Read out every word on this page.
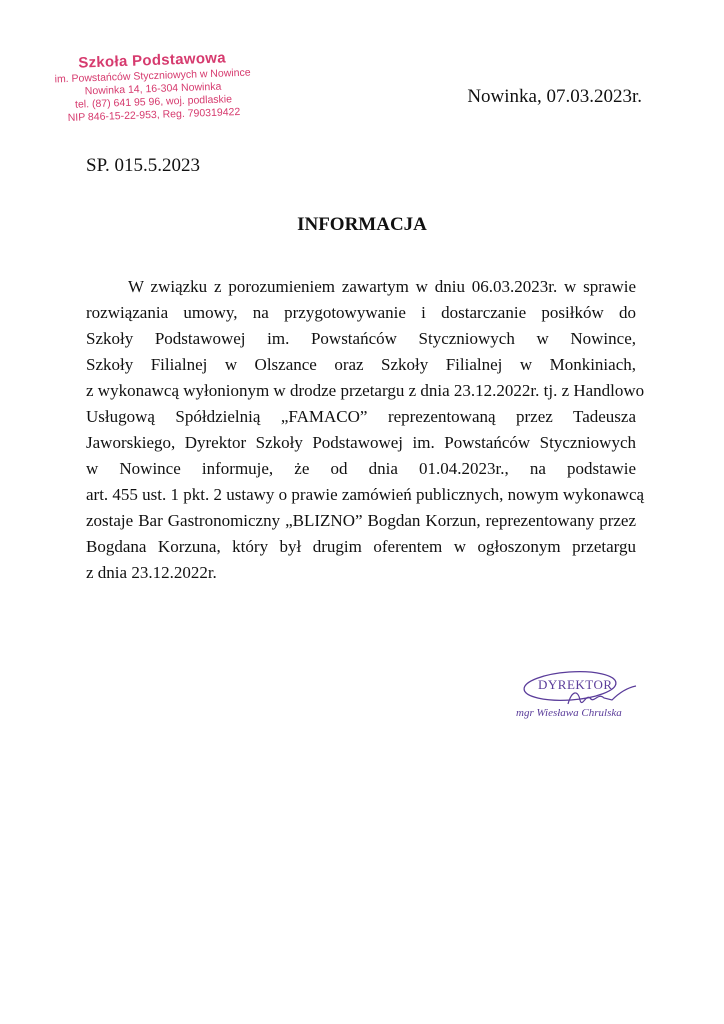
Szkoła Podstawowa
im. Powstańców Styczniowych w Nowince
Nowinka 14, 16-304 Nowinka
tel. (87) 641 95 96, woj. podlaskie
NIP 846-15-22-953, Reg. 790319422
Nowinka, 07.03.2023r.
SP. 015.5.2023
INFORMACJA
W związku z porozumieniem zawartym w dniu 06.03.2023r. w sprawie
rozwiązania umowy, na przygotowywanie i dostarczanie posiłków do
Szkoły Podstawowej im. Powstańców Styczniowych w Nowince,
Szkoły Filialnej w Olszance oraz Szkoły Filialnej w Monkiniach,
z wykonawcą wyłonionym w drodze przetargu z dnia 23.12.2022r. tj. z Handlowo
Usługową Spółdzielnią „FAMACO” reprezentowaną przez Tadeusza
Jaworskiego, Dyrektor Szkoły Podstawowej im. Powstańców Styczniowych
w Nowince informuje, że od dnia 01.04.2023r., na podstawie
art. 455 ust. 1 pkt. 2 ustawy o prawie zamówień publicznych, nowym wykonawcą
zostaje Bar Gastronomiczny „BLIZNO” Bogdan Korzun, reprezentowany przez
Bogdana Korzuna, który był drugim oferentem w ogłoszonym przetargu
z dnia 23.12.2022r.
DYREKTOR
mgr Wiesława Chrulska
